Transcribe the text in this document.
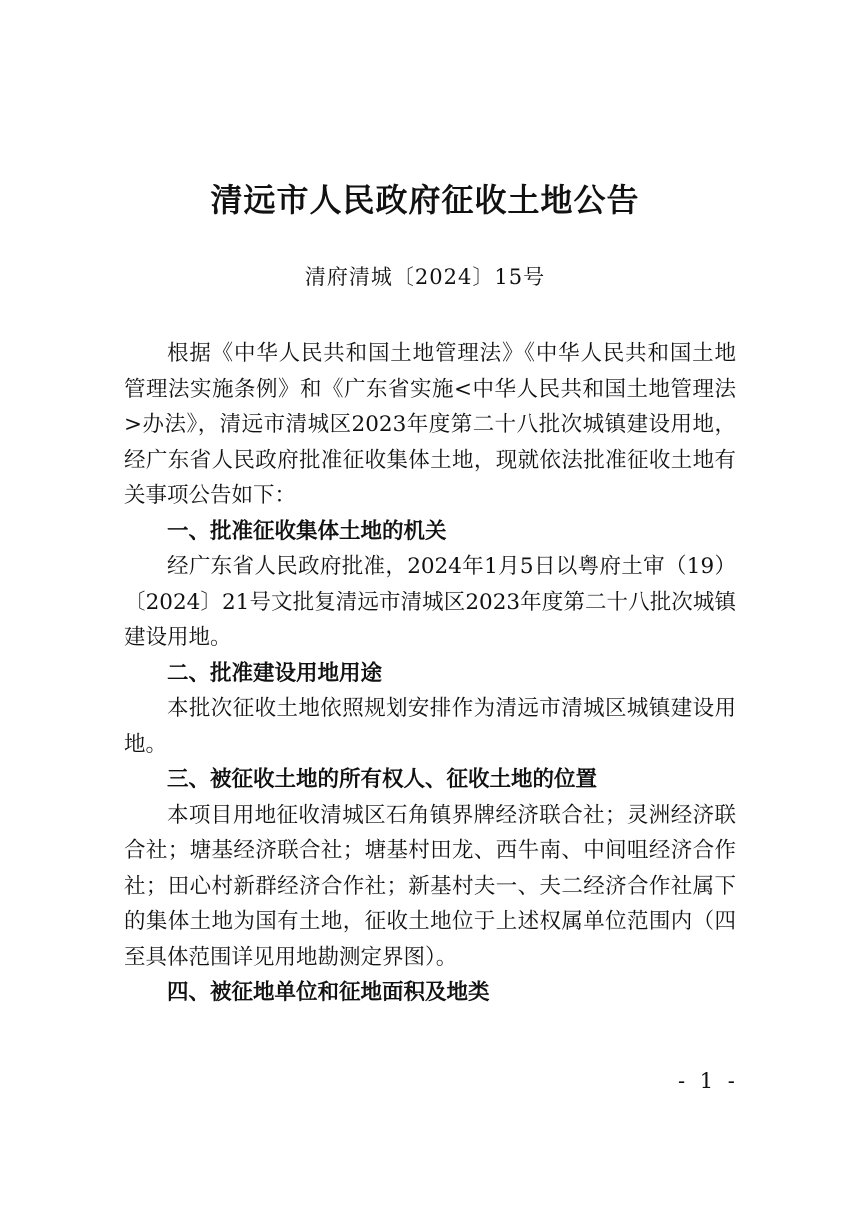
清远市人民政府征收土地公告
清府清城〔2024〕15号

根据《中华人民共和国土地管理法》《中华人民共和国土地管理法实施条例》和《广东省实施<中华人民共和国土地管理法>办法》，清远市清城区2023年度第二十八批次城镇建设用地，经广东省人民政府批准征收集体土地，现就依法批准征收土地有关事项公告如下：

一、批准征收集体土地的机关

经广东省人民政府批准，2024年1月5日以粤府土审（19）〔2024〕21号文批复清远市清城区2023年度第二十八批次城镇建设用地。

二、批准建设用地用途

本批次征收土地依照规划安排作为清远市清城区城镇建设用地。

三、被征收土地的所有权人、征收土地的位置

本项目用地征收清城区石角镇界牌经济联合社；灵洲经济联合社；塘基经济联合社；塘基村田龙、西牛南、中间咀经济合作社；田心村新群经济合作社；新基村夫一、夫二经济合作社属下的集体土地为国有土地，征收土地位于上述权属单位范围内（四至具体范围详见用地勘测定界图）。

四、被征地单位和征地面积及地类
- 1 -
